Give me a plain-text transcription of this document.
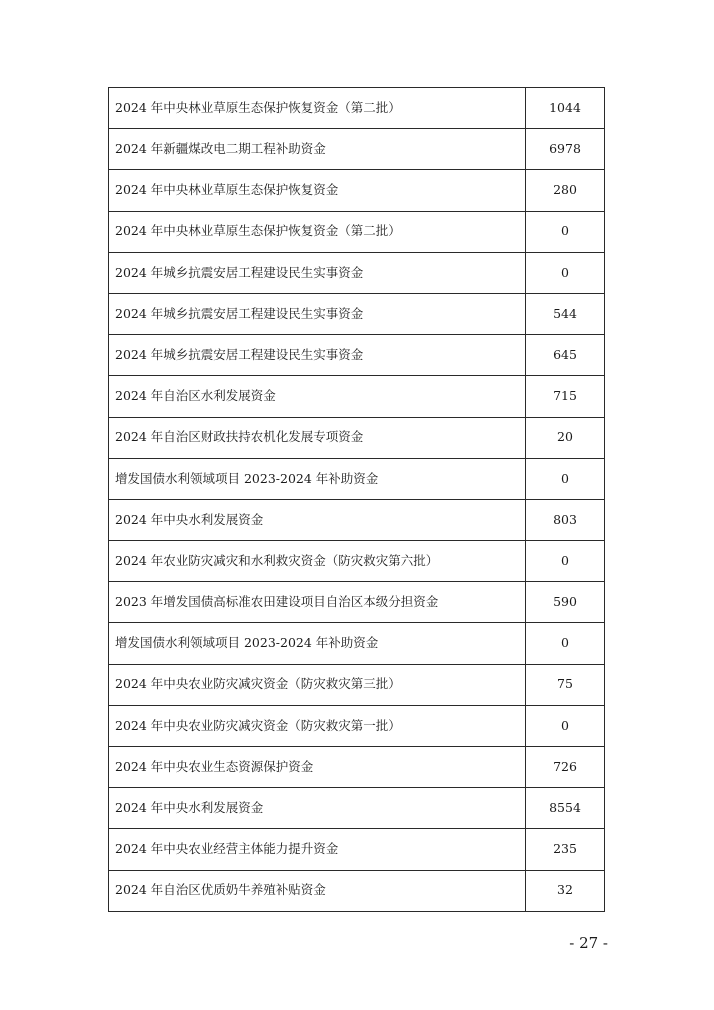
2024 年中央林业草原生态保护恢复资金（第二批）	1044
2024 年新疆煤改电二期工程补助资金	6978
2024 年中央林业草原生态保护恢复资金	280
2024 年中央林业草原生态保护恢复资金（第二批）	0
2024 年城乡抗震安居工程建设民生实事资金	0
2024 年城乡抗震安居工程建设民生实事资金	544
2024 年城乡抗震安居工程建设民生实事资金	645
2024 年自治区水利发展资金	715
2024 年自治区财政扶持农机化发展专项资金	20
增发国债水利领域项目 2023-2024 年补助资金	0
2024 年中央水利发展资金	803
2024 年农业防灾减灾和水利救灾资金（防灾救灾第六批）	0
2023 年增发国债高标准农田建设项目自治区本级分担资金	590
增发国债水利领域项目 2023-2024 年补助资金	0
2024 年中央农业防灾减灾资金（防灾救灾第三批）	75
2024 年中央农业防灾减灾资金（防灾救灾第一批）	0
2024 年中央农业生态资源保护资金	726
2024 年中央水利发展资金	8554
2024 年中央农业经营主体能力提升资金	235
2024 年自治区优质奶牛养殖补贴资金	32
- 27 -
